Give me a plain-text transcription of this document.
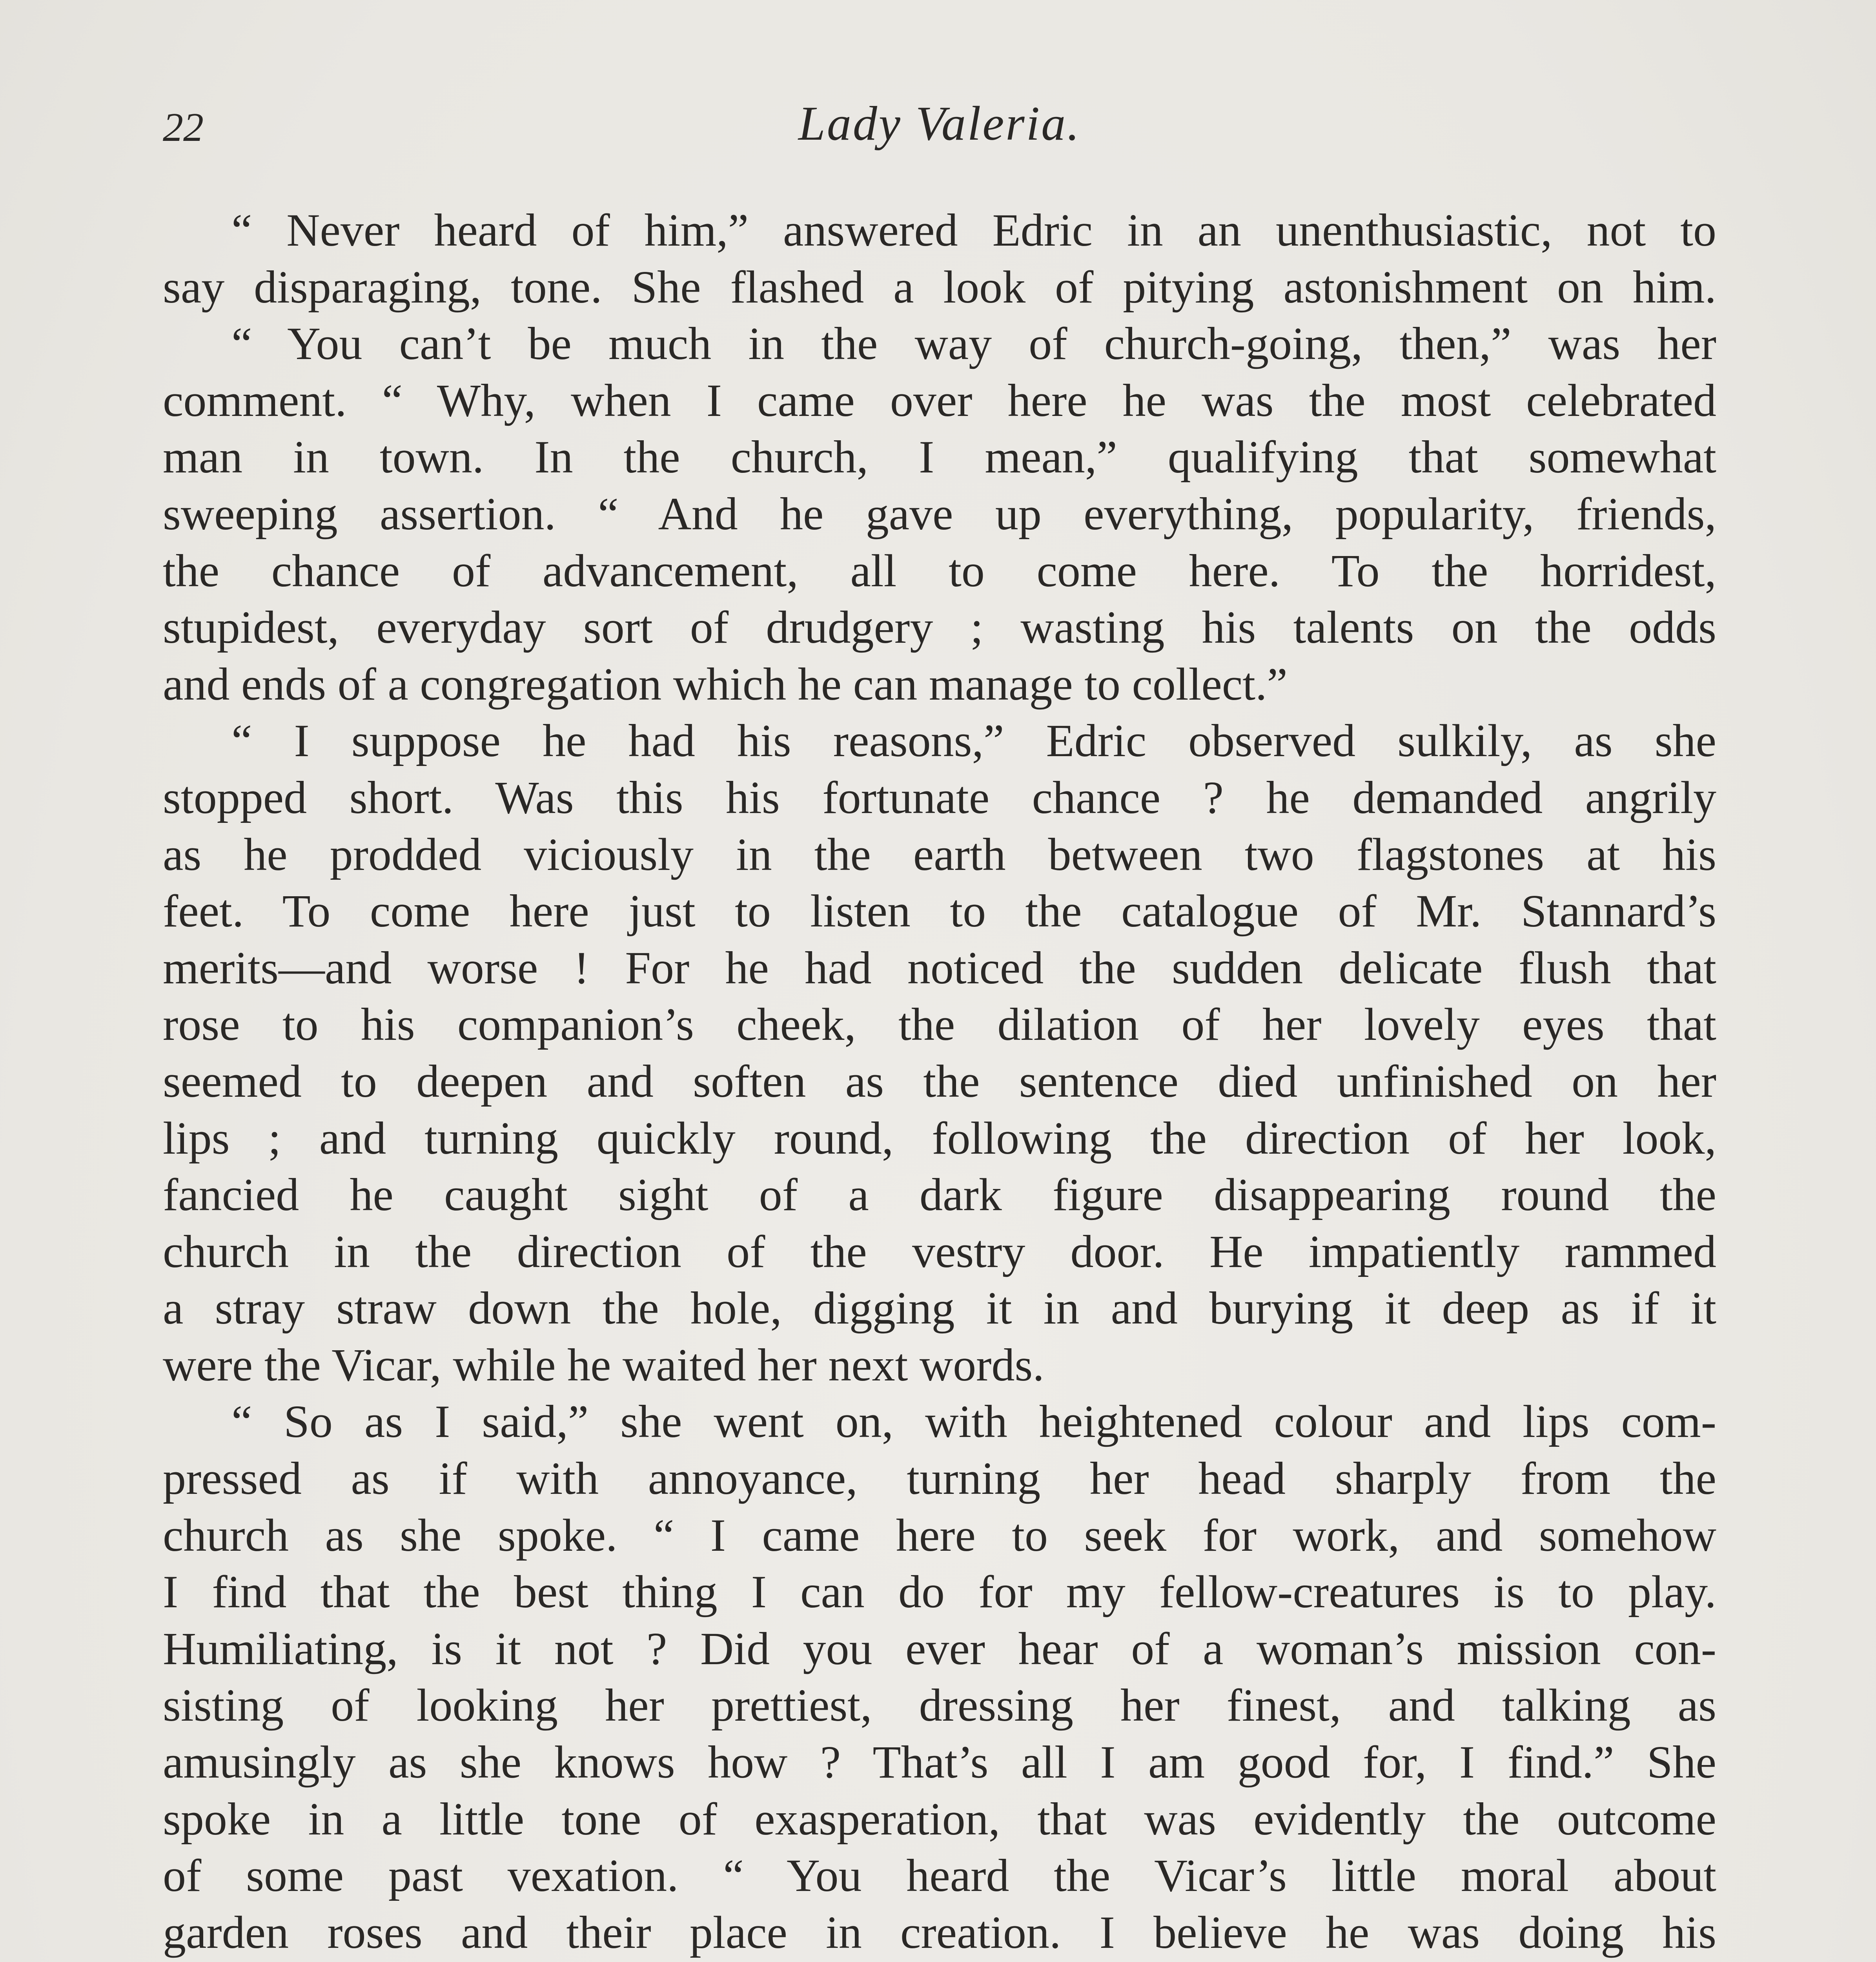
22	Lady Valeria.
“ Never heard of him,” answered Edric in an unenthusiastic, not to
say disparaging, tone. She flashed a look of pitying astonishment on him.
“ You can’t be much in the way of church-going, then,” was her
comment. “ Why, when I came over here he was the most celebrated
man in town. In the church, I mean,” qualifying that somewhat
sweeping assertion. “ And he gave up everything, popularity, friends,
the chance of advancement, all to come here. To the horridest,
stupidest, everyday sort of drudgery ; wasting his talents on the odds
and ends of a congregation which he can manage to collect.”
“ I suppose he had his reasons,” Edric observed sulkily, as she
stopped short. Was this his fortunate chance ? he demanded angrily
as he prodded viciously in the earth between two flagstones at his
feet. To come here just to listen to the catalogue of Mr. Stannard’s
merits—and worse ! For he had noticed the sudden delicate flush that
rose to his companion’s cheek, the dilation of her lovely eyes that
seemed to deepen and soften as the sentence died unfinished on her
lips ; and turning quickly round, following the direction of her look,
fancied he caught sight of a dark figure disappearing round the
church in the direction of the vestry door. He impatiently rammed
a stray straw down the hole, digging it in and burying it deep as if it
were the Vicar, while he waited her next words.
“ So as I said,” she went on, with heightened colour and lips com-
pressed as if with annoyance, turning her head sharply from the
church as she spoke. “ I came here to seek for work, and somehow
I find that the best thing I can do for my fellow-creatures is to play.
Humiliating, is it not ? Did you ever hear of a woman’s mission con-
sisting of looking her prettiest, dressing her finest, and talking as
amusingly as she knows how ? That’s all I am good for, I find.” She
spoke in a little tone of exasperation, that was evidently the outcome
of some past vexation. “ You heard the Vicar’s little moral about
garden roses and their place in creation. I believe he was doing his
